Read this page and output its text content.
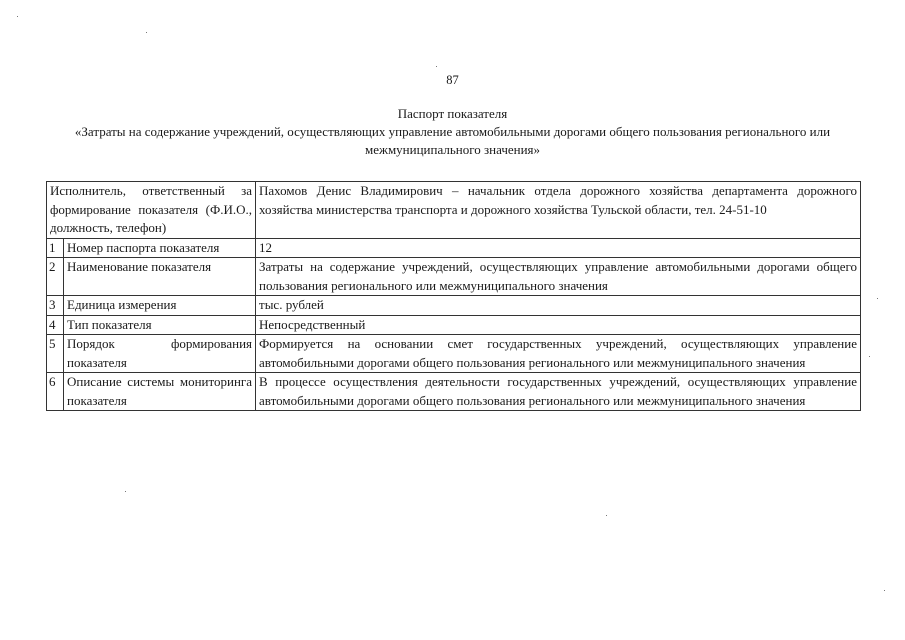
87
Паспорт показателя
«Затраты на содержание учреждений, осуществляющих управление автомобильными дорогами общего пользования регионального или межмуниципального значения»
Исполнитель, ответственный за формирование показателя (Ф.И.О., должность, телефон)		Пахомов Денис Владимирович – начальник отдела дорожного хозяйства департамента дорожного хозяйства министерства транспорта и дорожного хозяйства Тульской области, тел. 24-51-10
1	Номер паспорта показателя	12
2	Наименование показателя	Затраты на содержание учреждений, осуществляющих управление автомобильными дорогами общего пользования регионального или межмуниципального значения
3	Единица измерения	тыс. рублей
4	Тип показателя	Непосредственный
5	Порядок формирования показателя	Формируется на основании смет государственных учреждений, осуществляющих управление автомобильными дорогами общего пользования регионального или межмуниципального значения
6	Описание системы мониторинга показателя	В процессе осуществления деятельности государственных учреждений, осуществляющих управление автомобильными дорогами общего пользования регионального или межмуниципального значения
